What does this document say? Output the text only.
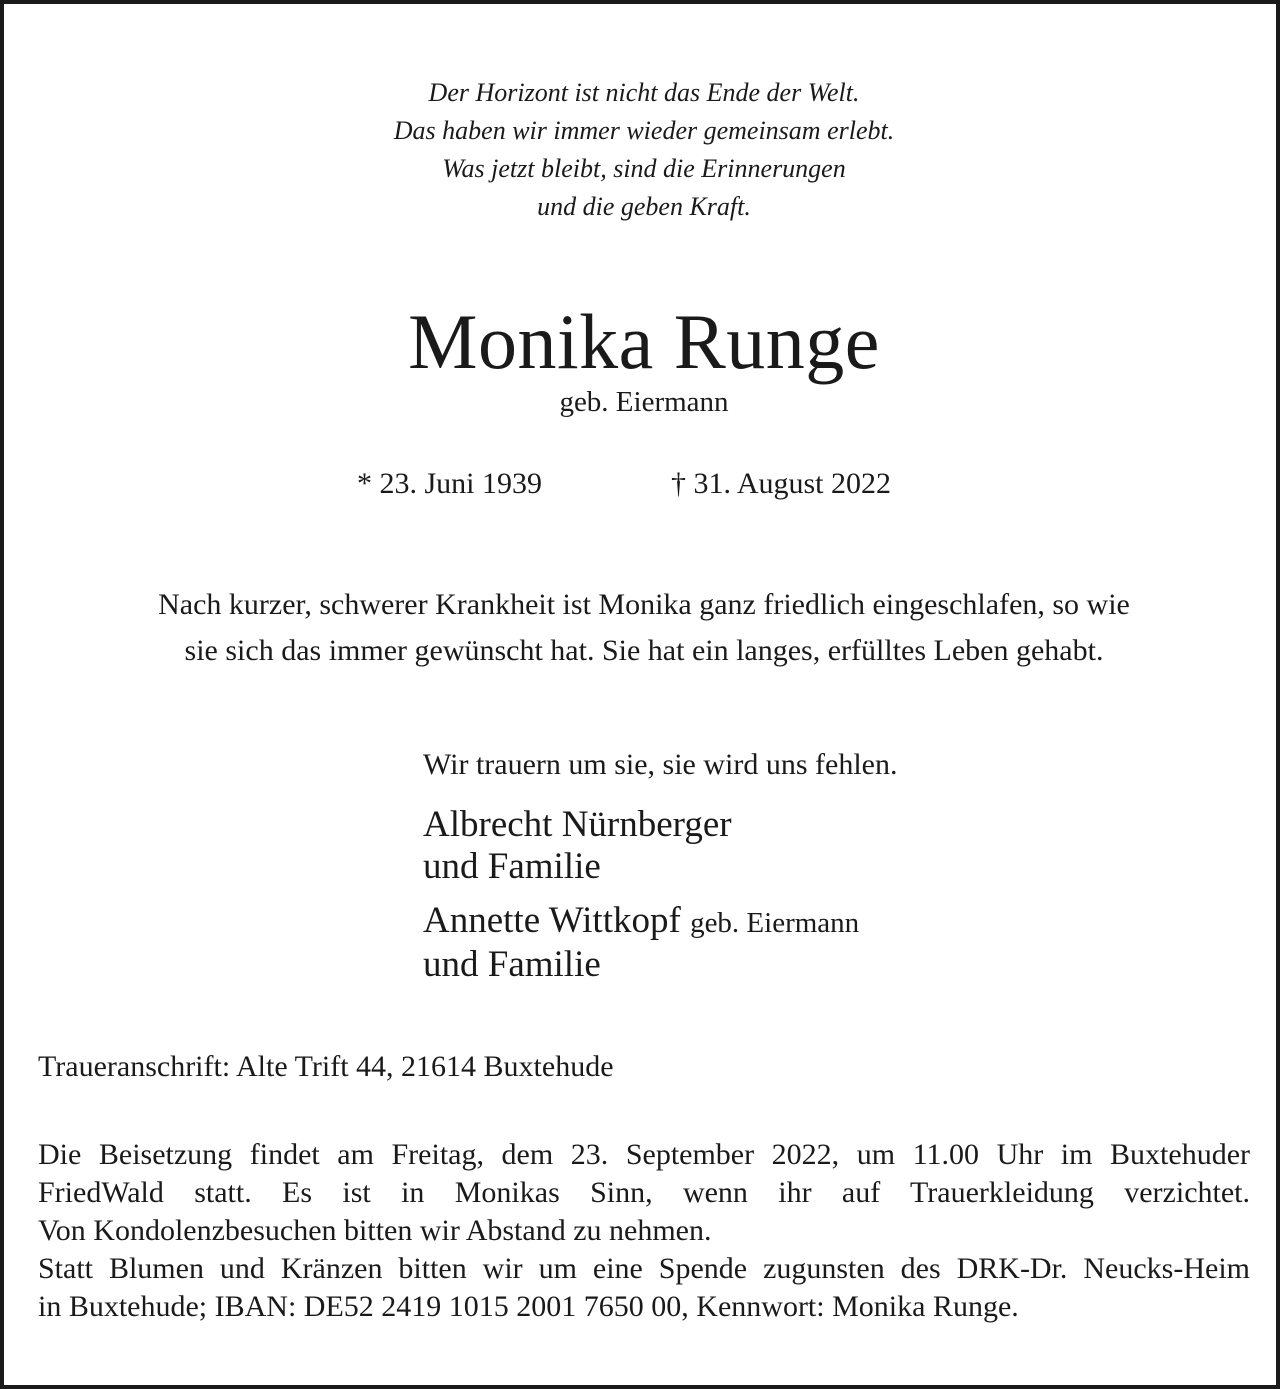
Der Horizont ist nicht das Ende der Welt.
Das haben wir immer wieder gemeinsam erlebt.
Was jetzt bleibt, sind die Erinnerungen
und die geben Kraft.
Monika Runge
geb. Eiermann
* 23. Juni 1939	† 31. August 2022
Nach kurzer, schwerer Krankheit ist Monika ganz friedlich eingeschlafen, so wie
sie sich das immer gewünscht hat. Sie hat ein langes, erfülltes Leben gehabt.
Wir trauern um sie, sie wird uns fehlen.
Albrecht Nürnberger
und Familie
Annette Wittkopf geb. Eiermann
und Familie
Traueranschrift: Alte Trift 44, 21614 Buxtehude
Die Beisetzung findet am Freitag, dem 23. September 2022, um 11.00 Uhr im Buxtehuder
FriedWald statt. Es ist in Monikas Sinn, wenn ihr auf Trauerkleidung verzichtet.
Von Kondolenzbesuchen bitten wir Abstand zu nehmen.
Statt Blumen und Kränzen bitten wir um eine Spende zugunsten des DRK-Dr. Neucks-Heim
in Buxtehude; IBAN: DE52 2419 1015 2001 7650 00, Kennwort: Monika Runge.
